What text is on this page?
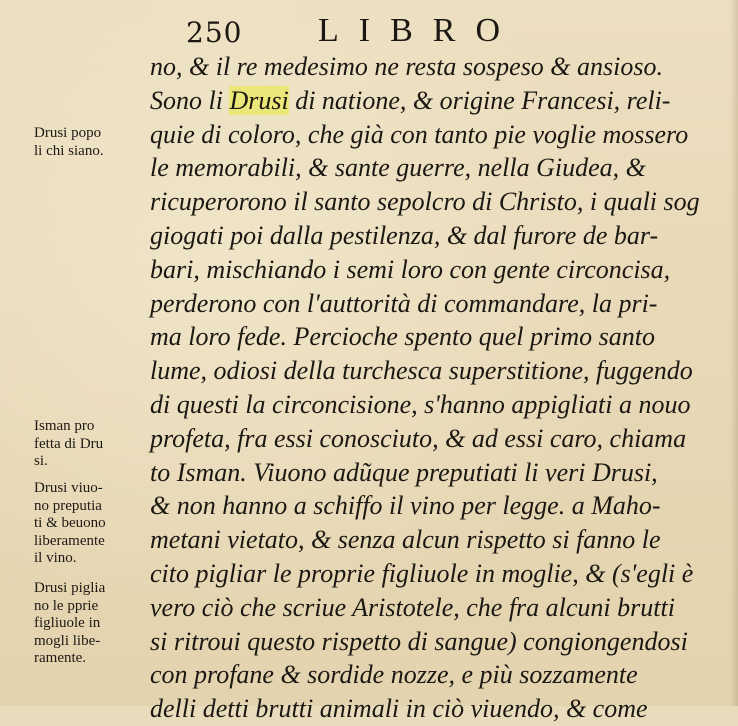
250 LIBRO
no, & il re medesimo ne resta sospeso & ansioso.
Sono li Drusi di natione, & origine Francesi, reli-
quie di coloro, che già con tanto pie voglie mossero
le memorabili, & sante guerre, nella Giudea, &
ricuperorono il santo sepolcro di Christo, i quali sog
giogati poi dalla pestilenza, & dal furore de bar-
bari, mischiando i semi loro con gente circoncisa,
perderono con l'auttorità di commandare, la pri-
ma loro fede. Percioche spento quel primo santo
lume, odiosi della turchesca superstitione, fuggendo
di questi la circoncisione, s'hanno appigliati a nouo
profeta, fra essi conosciuto, & ad essi caro, chiama
to Isman. Viuono adũque preputiati li veri Drusi,
& non hanno a schiffo il vino per legge. a Maho-
metani vietato, & senza alcun rispetto si fanno le
cito pigliar le proprie figliuole in moglie, & (s'egli è
vero ciò che scriue Aristotele, che fra alcuni brutti
si ritroui questo rispetto di sangue) congiongendosi
con profane & sordide nozze, e più sozzamente
delli detti brutti animali in ciò viuendo, & come
Drusi popo
li chi siano.
Isman pro
fetta di Dru
si.
Drusi viuo-
no preputia
ti & beuono
liberamente
il vino.
Drusi piglia
no le pprie
figliuole in
mogli libe-
ramente.
